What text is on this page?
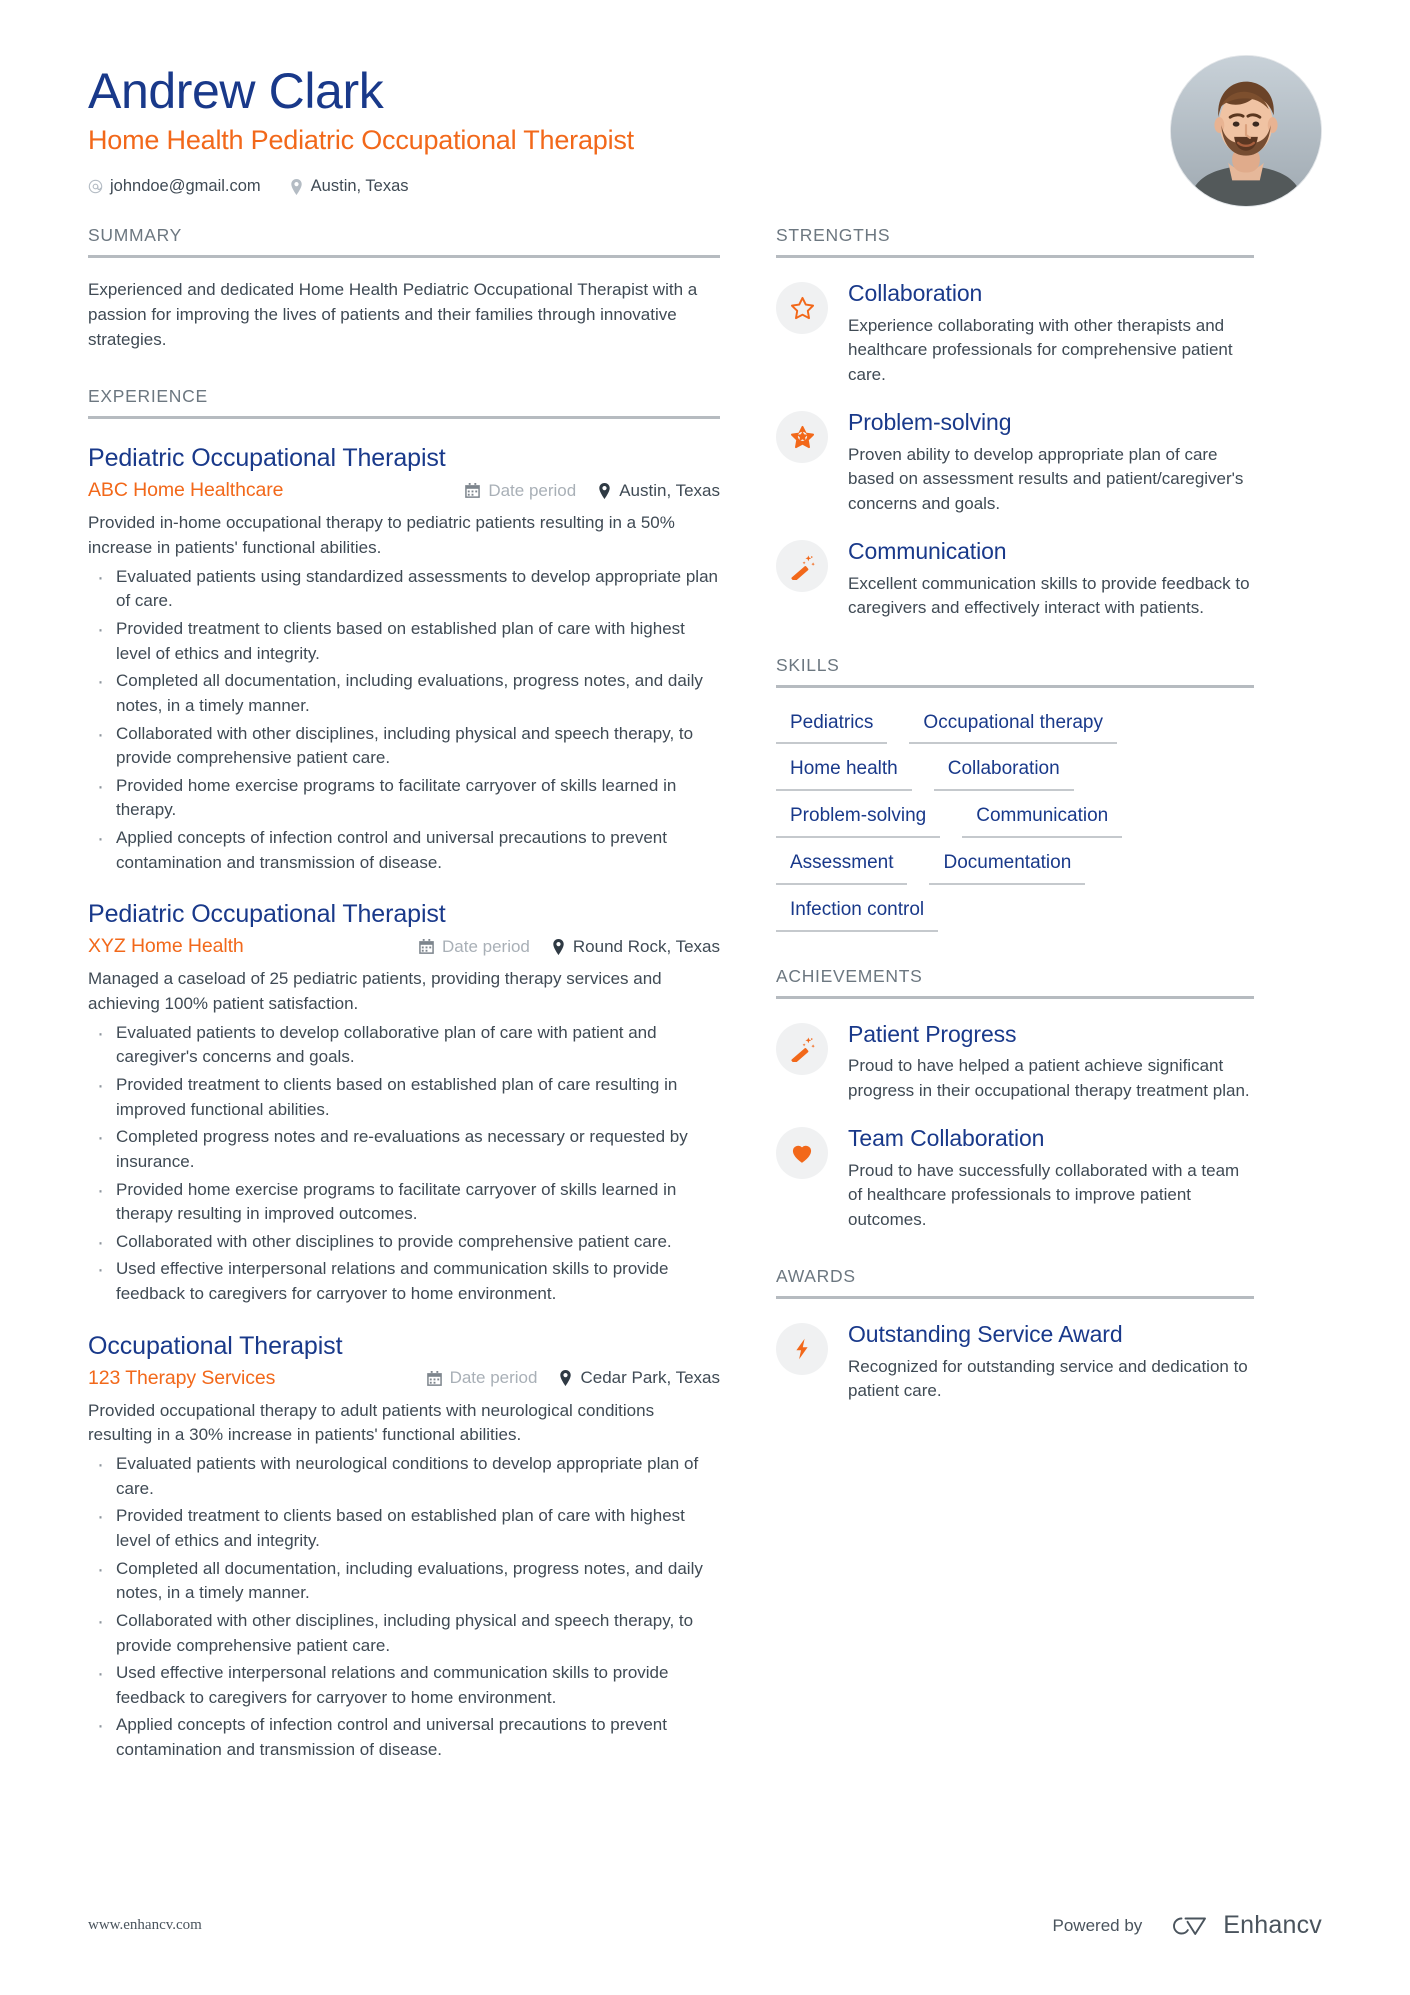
Andrew Clark
Home Health Pediatric Occupational Therapist
johndoe@gmail.com	Austin, Texas
SUMMARY

Experienced and dedicated Home Health Pediatric Occupational Therapist with a passion for improving the lives of patients and their families through innovative strategies.

EXPERIENCE
Pediatric Occupational Therapist
ABC Home Healthcare	Date period	Austin, Texas

Provided in-home occupational therapy to pediatric patients resulting in a 50% increase in patients' functional abilities.

· Evaluated patients using standardized assessments to develop appropriate plan of care.
· Provided treatment to clients based on established plan of care with highest level of ethics and integrity.
· Completed all documentation, including evaluations, progress notes, and daily notes, in a timely manner.
· Collaborated with other disciplines, including physical and speech therapy, to provide comprehensive patient care.
· Provided home exercise programs to facilitate carryover of skills learned in therapy.
· Applied concepts of infection control and universal precautions to prevent contamination and transmission of disease.
Pediatric Occupational Therapist
XYZ Home Health	Date period	Round Rock, Texas

Managed a caseload of 25 pediatric patients, providing therapy services and achieving 100% patient satisfaction.

· Evaluated patients to develop collaborative plan of care with patient and caregiver's concerns and goals.
· Provided treatment to clients based on established plan of care resulting in improved functional abilities.
· Completed progress notes and re-evaluations as necessary or requested by insurance.
· Provided home exercise programs to facilitate carryover of skills learned in therapy resulting in improved outcomes.
· Collaborated with other disciplines to provide comprehensive patient care.
· Used effective interpersonal relations and communication skills to provide feedback to caregivers for carryover to home environment.
Occupational Therapist
123 Therapy Services	Date period	Cedar Park, Texas

Provided occupational therapy to adult patients with neurological conditions resulting in a 30% increase in patients' functional abilities.

· Evaluated patients with neurological conditions to develop appropriate plan of care.
· Provided treatment to clients based on established plan of care with highest level of ethics and integrity.
· Completed all documentation, including evaluations, progress notes, and daily notes, in a timely manner.
· Collaborated with other disciplines, including physical and speech therapy, to provide comprehensive patient care.
· Used effective interpersonal relations and communication skills to provide feedback to caregivers for carryover to home environment.
· Applied concepts of infection control and universal precautions to prevent contamination and transmission of disease.
STRENGTHS
Collaboration
Experience collaborating with other therapists and healthcare professionals for comprehensive patient care.
Problem-solving
Proven ability to develop appropriate plan of care based on assessment results and patient/caregiver's concerns and goals.
Communication
Excellent communication skills to provide feedback to caregivers and effectively interact with patients.
SKILLS
Pediatrics	Occupational therapy
Home health	Collaboration
Problem-solving	Communication
Assessment	Documentation
Infection control
ACHIEVEMENTS
Patient Progress
Proud to have helped a patient achieve significant progress in their occupational therapy treatment plan.
Team Collaboration
Proud to have successfully collaborated with a team of healthcare professionals to improve patient outcomes.
AWARDS
Outstanding Service Award
Recognized for outstanding service and dedication to patient care.
www.enhancv.com	Powered by	Enhancv
